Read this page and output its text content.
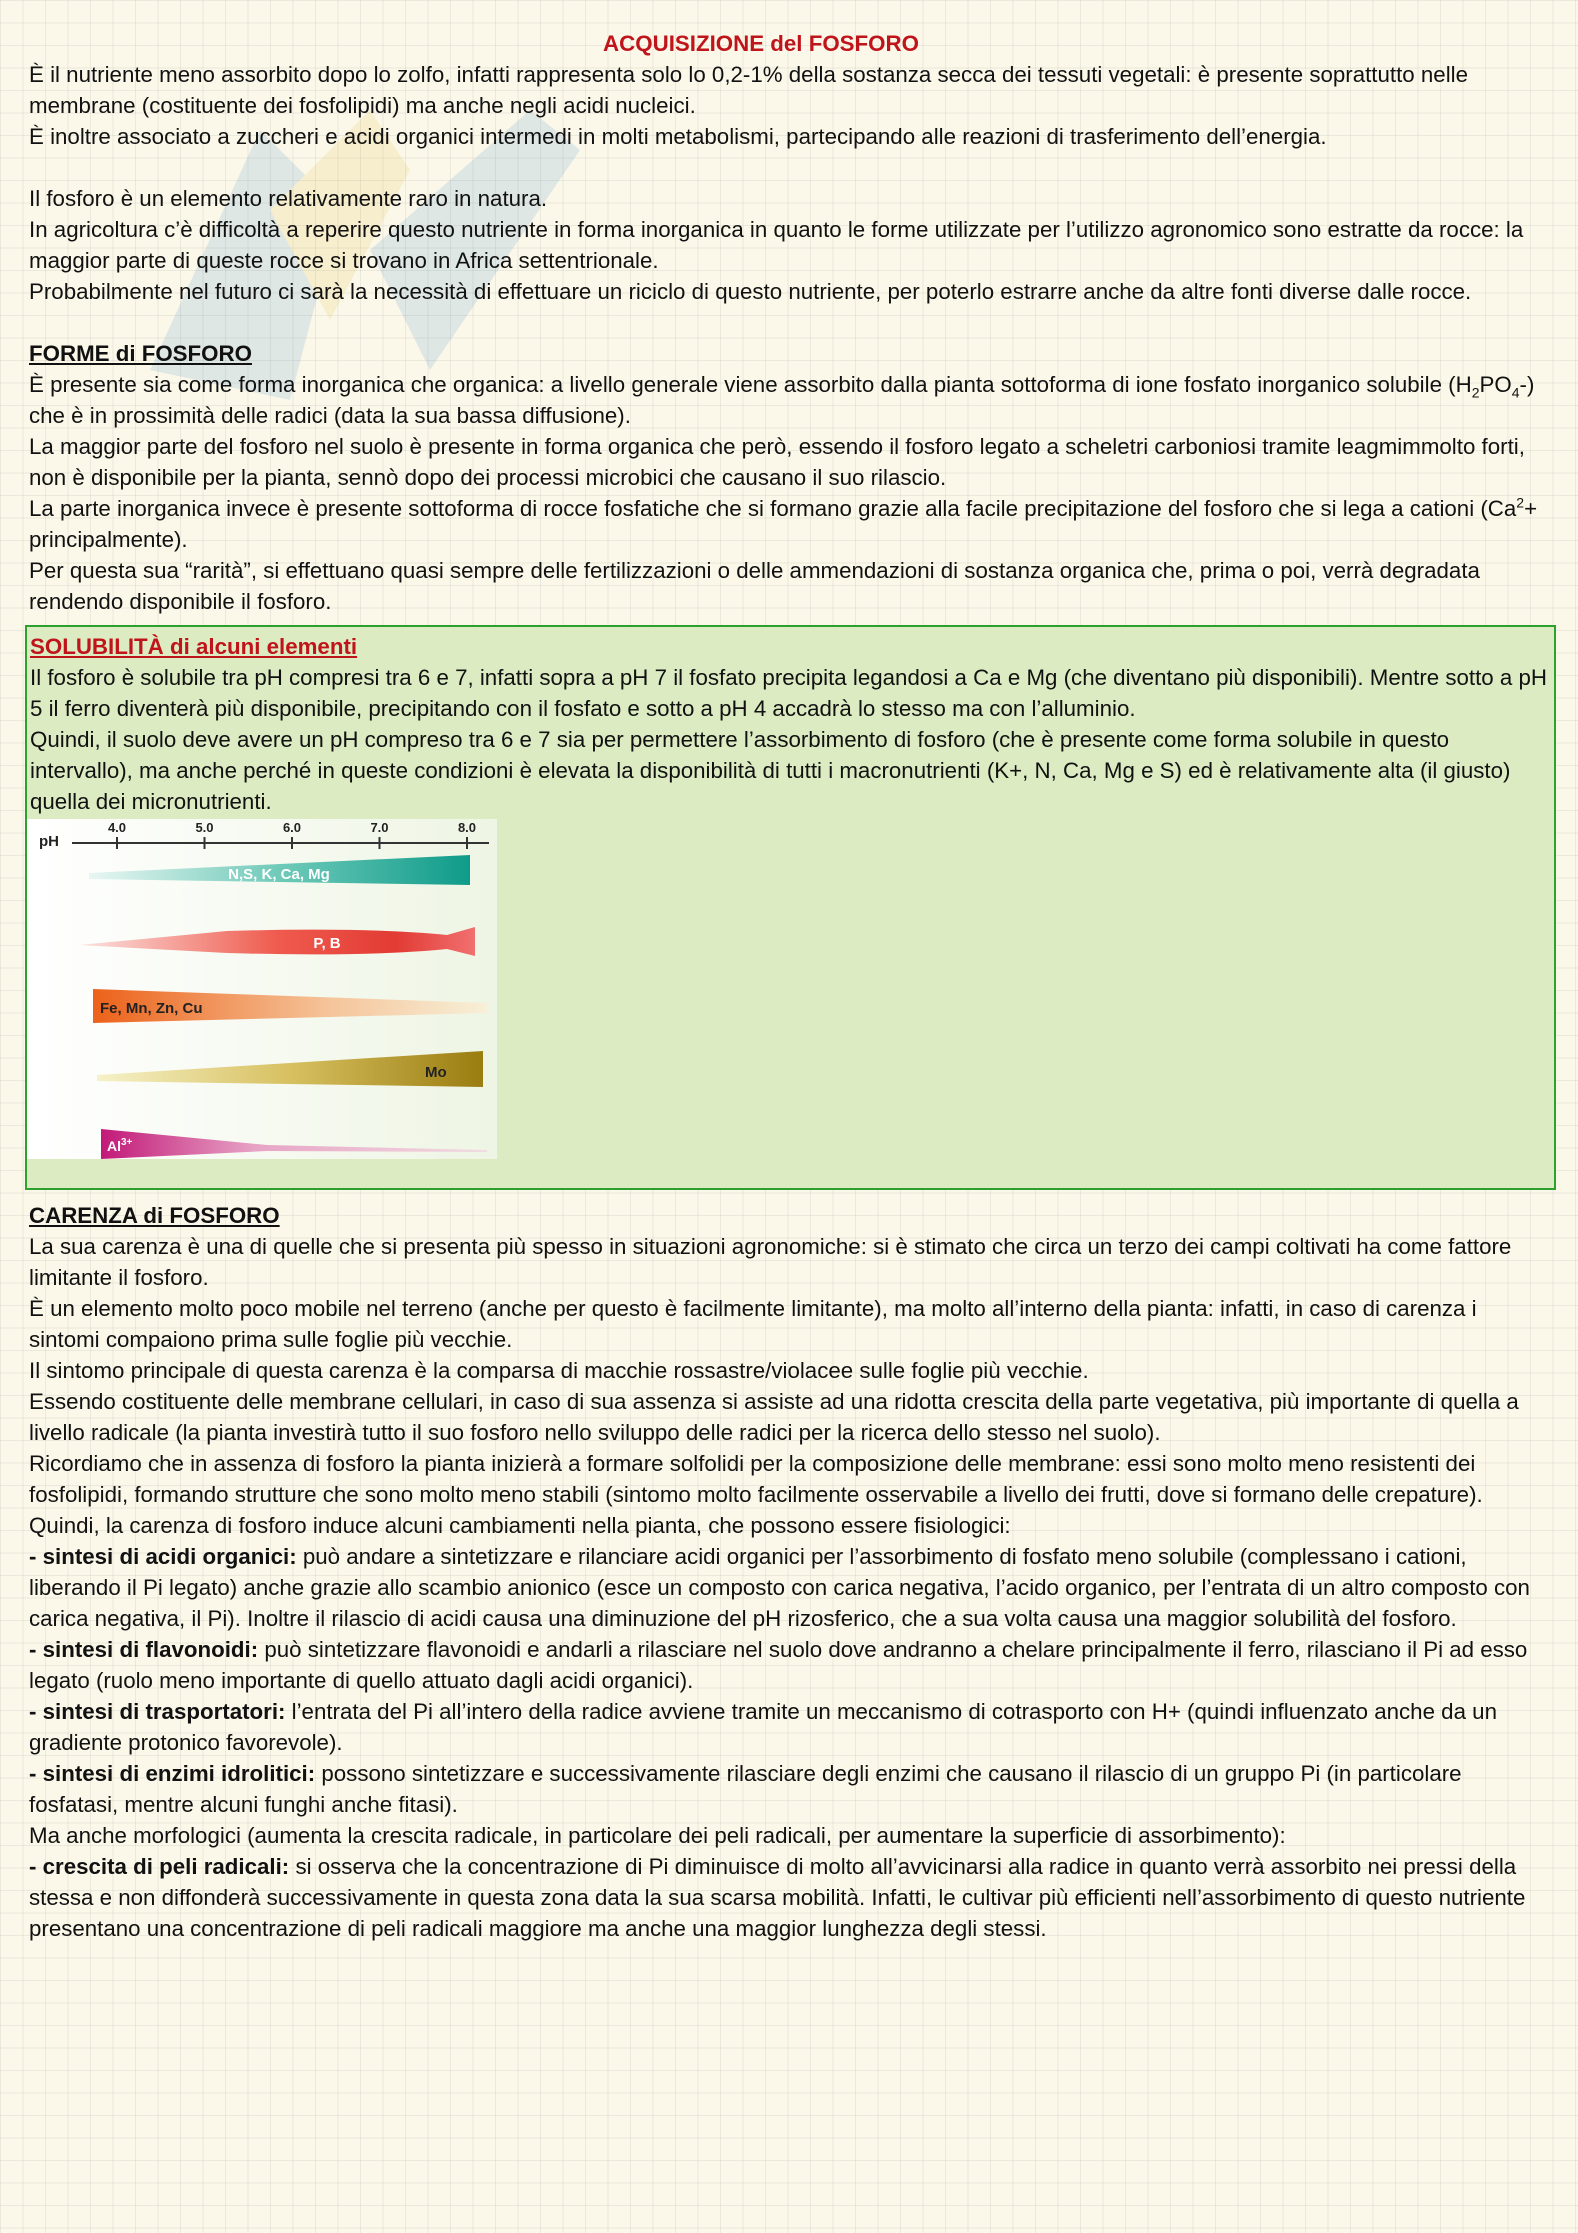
ACQUISIZIONE del FOSFORO

È il nutriente meno assorbito dopo lo zolfo, infatti rappresenta solo lo 0,2-1% della sostanza secca dei tessuti vegetali: è presente soprattutto nelle membrane (costituente dei fosfolipidi) ma anche negli acidi nucleici.

È inoltre associato a zuccheri e acidi organici intermedi in molti metabolismi, partecipando alle reazioni di trasferimento dell’energia.

Il fosforo è un elemento relativamente raro in natura.

In agricoltura c’è difficoltà a reperire questo nutriente in forma inorganica in quanto le forme utilizzate per l’utilizzo agronomico sono estratte da rocce: la maggior parte di queste rocce si trovano in Africa settentrionale.

Probabilmente nel futuro ci sarà la necessità di effettuare un riciclo di questo nutriente, per poterlo estrarre anche da altre fonti diverse dalle rocce.

FORME di FOSFORO

È presente sia come forma inorganica che organica: a livello generale viene assorbito dalla pianta sottoforma di ione fosfato inorganico solubile $(H_2PO_4-)$ che è in prossimità delle radici (data la sua bassa diffusione).

La maggior parte del fosforo nel suolo è presente in forma organica che però, essendo il fosforo legato a scheletri carboniosi tramite leagmimmolto forti, non è disponibile per la pianta, sennò dopo dei processi microbici che causano il suo rilascio.

La parte inorganica invece è presente sottoforma di rocce fosfatiche che si formano grazie alla facile precipitazione del fosforo che si lega a cationi ($Ca^2+$ principalmente).

Per questa sua “rarità”, si effettuano quasi sempre delle fertilizzazioni o delle ammendazioni di sostanza organica che, prima o poi, verrà degradata rendendo disponibile il fosforo.

SOLUBILITÀ di alcuni elementi

Il fosforo è solubile tra pH compresi tra 6 e 7, infatti sopra a pH 7 il fosfato precipita legandosi a Ca e Mg (che diventano più disponibili). Mentre sotto a pH 5 il ferro diventerà più disponibile, precipitando con il fosfato e sotto a pH 4 accadrà lo stesso ma con l’alluminio.

Quindi, il suolo deve avere un pH compreso tra 6 e 7 sia per permettere l’assorbimento di fosforo (che è presente come forma solubile in questo intervallo), ma anche perché in queste condizioni è elevata la disponibilità di tutti i macronutrienti (K+, N, Ca, Mg e S) ed è relativamente alta (il giusto) quella dei micronutrienti.

pH
4.0	5.0	6.0	7.0	8.0
N,S, K, Ca, Mg
P, B
Fe, Mn, Zn, Cu
Mo
$Al^{3+}$
CARENZA di FOSFORO

La sua carenza è una di quelle che si presenta più spesso in situazioni agronomiche: si è stimato che circa un terzo dei campi coltivati ha come fattore limitante il fosforo.

È un elemento molto poco mobile nel terreno (anche per questo è facilmente limitante), ma molto all’interno della pianta: infatti, in caso di carenza i sintomi compaiono prima sulle foglie più vecchie.

Il sintomo principale di questa carenza è la comparsa di macchie rossastre/violacee sulle foglie più vecchie.

Essendo costituente delle membrane cellulari, in caso di sua assenza si assiste ad una ridotta crescita della parte vegetativa, più importante di quella a livello radicale (la pianta investirà tutto il suo fosforo nello sviluppo delle radici per la ricerca dello stesso nel suolo).

Ricordiamo che in assenza di fosforo la pianta inizierà a formare solfolidi per la composizione delle membrane: essi sono molto meno resistenti dei fosfolipidi, formando strutture che sono molto meno stabili (sintomo molto facilmente osservabile a livello dei frutti, dove si formano delle crepature).

Quindi, la carenza di fosforo induce alcuni cambiamenti nella pianta, che possono essere fisiologici:

- sintesi di acidi organici: può andare a sintetizzare e rilanciare acidi organici per l’assorbimento di fosfato meno solubile (complessano i cationi, liberando il Pi legato) anche grazie allo scambio anionico (esce un composto con carica negativa, l’acido organico, per l’entrata di un altro composto con carica negativa, il Pi). Inoltre il rilascio di acidi causa una diminuzione del pH rizosferico, che a sua volta causa una maggior solubilità del fosforo.

- sintesi di flavonoidi: può sintetizzare flavonoidi e andarli a rilasciare nel suolo dove andranno a chelare principalmente il ferro, rilasciano il Pi ad esso legato (ruolo meno importante di quello attuato dagli acidi organici).

- sintesi di trasportatori: l’entrata del Pi all’intero della radice avviene tramite un meccanismo di cotrasporto con H+ (quindi influenzato anche da un gradiente protonico favorevole).

- sintesi di enzimi idrolitici: possono sintetizzare e successivamente rilasciare degli enzimi che causano il rilascio di un gruppo Pi (in particolare fosfatasi, mentre alcuni funghi anche fitasi).

Ma anche morfologici (aumenta la crescita radicale, in particolare dei peli radicali, per aumentare la superficie di assorbimento):

- crescita di peli radicali: si osserva che la concentrazione di Pi diminuisce di molto all’avvicinarsi alla radice in quanto verrà assorbito nei pressi della stessa e non diffonderà successivamente in questa zona data la sua scarsa mobilità. Infatti, le cultivar più efficienti nell’assorbimento di questo nutriente presentano una concentrazione di peli radicali maggiore ma anche una maggior lunghezza degli stessi.
